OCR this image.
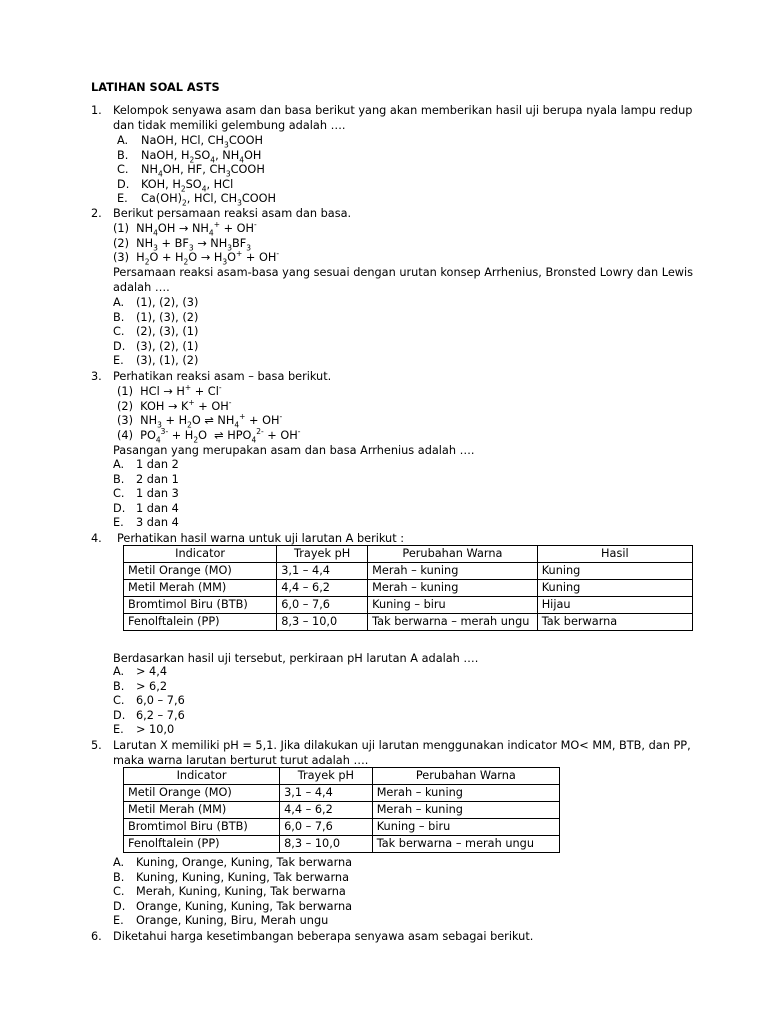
LATIHAN SOAL ASTS
1. Kelompok senyawa asam dan basa berikut yang akan memberikan hasil uji berupa nyala lampu redup
dan tidak memiliki gelembung adalah ….
A. NaOH, HCl, $CH_3COOH$
B. NaOH, $H_2SO_4$, $NH_4OH$
C. $NH_4OH$, HF, $CH_3COOH$
D. KOH, $H_2SO_4$, HCl
E. $Ca(OH)_2$, HCl, $CH_3COOH$
2. Berikut persamaan reaksi asam dan basa.
(1)  $NH_4OH \to NH_4^+ + OH^-$
(2)  $NH_3 + BF_3 \to NH_3BF_3$
(3)  $H_2O + H_2O \to H_3O^+ + OH^-$
Persamaan reaksi asam-basa yang sesuai dengan urutan konsep Arrhenius, Bronsted Lowry dan Lewis
adalah ….
A. (1), (2), (3)
B. (1), (3), (2)
C. (2), (3), (1)
D. (3), (2), (1)
E. (3), (1), (2)
3. Perhatikan reaksi asam – basa berikut.
(1)  HCl → H+ + Cl-
(2)  KOH → K+ + OH-
(3)  $NH_3 + H_2O$ ⇌ $NH_4^+ + OH^-$
(4)  $PO_4^{3-} + H_2O$  ⇌ $HPO_4^{2-} + OH^-$
Pasangan yang merupakan asam dan basa Arrhenius adalah ….
A. 1 dan 2
B. 2 dan 1
C. 1 dan 3
D. 1 dan 4
E. 3 dan 4
4. Perhatikan hasil warna untuk uji larutan A berikut :
Indicator	Trayek pH	Perubahan Warna	Hasil
Metil Orange (MO)	3,1 – 4,4	Merah – kuning	Kuning
Metil Merah (MM)	4,4 – 6,2	Merah – kuning	Kuning
Bromtimol Biru (BTB)	6,0 – 7,6	Kuning – biru	Hijau
Fenolftalein (PP)	8,3 – 10,0	Tak berwarna – merah ungu	Tak berwarna
Berdasarkan hasil uji tersebut, perkiraan pH larutan A adalah ….
A. > 4,4
B. > 6,2
C. 6,0 – 7,6
D. 6,2 – 7,6
E. > 10,0
5. Larutan X memiliki pH = 5,1. Jika dilakukan uji larutan menggunakan indicator MO< MM, BTB, dan PP,
maka warna larutan berturut turut adalah ….
Indicator	Trayek pH	Perubahan Warna
Metil Orange (MO)	3,1 – 4,4	Merah – kuning
Metil Merah (MM)	4,4 – 6,2	Merah – kuning
Bromtimol Biru (BTB)	6,0 – 7,6	Kuning – biru
Fenolftalein (PP)	8,3 – 10,0	Tak berwarna – merah ungu
A. Kuning, Orange, Kuning, Tak berwarna
B. Kuning, Kuning, Kuning, Tak berwarna
C. Merah, Kuning, Kuning, Tak berwarna
D. Orange, Kuning, Kuning, Tak berwarna
E. Orange, Kuning, Biru, Merah ungu
6. Diketahui harga kesetimbangan beberapa senyawa asam sebagai berikut.
